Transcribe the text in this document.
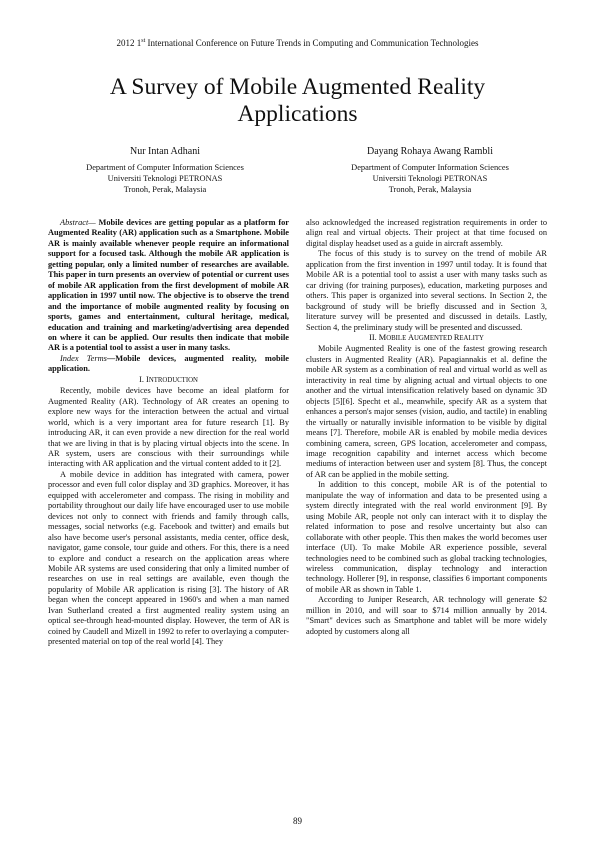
2012 1st International Conference on Future Trends in Computing and Communication Technologies
A Survey of Mobile Augmented Reality Applications
Nur Intan Adhani
Department of Computer Information Sciences
Universiti Teknologi PETRONAS
Tronoh, Perak, Malaysia
Dayang Rohaya Awang Rambli
Department of Computer Information Sciences
Universiti Teknologi PETRONAS
Tronoh, Perak, Malaysia

Abstract— Mobile devices are getting popular as a platform for Augmented Reality (AR) application such as a Smartphone. Mobile AR is mainly available whenever people require an informational support for a focused task. Although the mobile AR application is getting popular, only a limited number of researches are available. This paper in turn presents an overview of potential or current uses of mobile AR application from the first development of mobile AR application in 1997 until now. The objective is to observe the trend and the importance of mobile augmented reality by focusing on sports, games and entertainment, cultural heritage, medical, education and training and marketing/advertising area depended on where it can be applied. Our results then indicate that mobile AR is a potential tool to assist a user in many tasks.

Index Terms—Mobile devices, augmented reality, mobile application.

I. INTRODUCTION

Recently, mobile devices have become an ideal platform for Augmented Reality (AR). Technology of AR creates an opening to explore new ways for the interaction between the actual and virtual world, which is a very important area for future research [1]. By introducing AR, it can even provide a new direction for the real world that we are living in that is by placing virtual objects into the scene. In AR system, users are conscious with their surroundings while interacting with AR application and the virtual content added to it [2].

A mobile device in addition has integrated with camera, power processor and even full color display and 3D graphics. Moreover, it has equipped with accelerometer and compass. The rising in mobility and portability throughout our daily life have encouraged user to use mobile devices not only to connect with friends and family through calls, messages, social networks (e.g. Facebook and twitter) and emails but also have become user's personal assistants, media center, office desk, navigator, game console, tour guide and others. For this, there is a need to explore and conduct a research on the application areas where Mobile AR systems are used considering that only a limited number of researches on use in real settings are available, even though the popularity of Mobile AR application is rising [3]. The history of AR began when the concept appeared in 1960's and when a man named Ivan Sutherland created a first augmented reality system using an optical see-through head-mounted display. However, the term of AR is coined by Caudell and Mizell in 1992 to refer to overlaying a computer-presented material on top of the real world [4]. They

also acknowledged the increased registration requirements in order to align real and virtual objects. Their project at that time focused on digital display headset used as a guide in aircraft assembly.

The focus of this study is to survey on the trend of mobile AR application from the first invention in 1997 until today. It is found that Mobile AR is a potential tool to assist a user with many tasks such as car driving (for training purposes), education, marketing purposes and others. This paper is organized into several sections. In Section 2, the background of study will be briefly discussed and in Section 3, literature survey will be presented and discussed in details. Lastly, Section 4, the preliminary study will be presented and discussed.

II. MOBILE AUGMENTED REALITY

Mobile Augmented Reality is one of the fastest growing research clusters in Augmented Reality (AR). Papagiannakis et al. define the mobile AR system as a combination of real and virtual world as well as interactivity in real time by aligning actual and virtual objects to one another and the virtual intensification relatively based on dynamic 3D objects [5][6]. Specht et al., meanwhile, specify AR as a system that enhances a person's major senses (vision, audio, and tactile) in enabling the virtually or naturally invisible information to be visible by digital means [7]. Therefore, mobile AR is enabled by mobile media devices combining camera, screen, GPS location, accelerometer and compass, image recognition capability and internet access which become mediums of interaction between user and system [8]. Thus, the concept of AR can be applied in the mobile setting.

In addition to this concept, mobile AR is of the potential to manipulate the way of information and data to be presented using a system directly integrated with the real world environment [9]. By using Mobile AR, people not only can interact with it to display the related information to pose and resolve uncertainty but also can collaborate with other people. This then makes the world becomes user interface (UI). To make Mobile AR experience possible, several technologies need to be combined such as global tracking technologies, wireless communication, display technology and interaction technology. Hollerer [9], in response, classifies 6 important components of mobile AR as shown in Table 1.

According to Juniper Research, AR technology will generate $2 million in 2010, and will soar to $714 million annually by 2014. "Smart" devices such as Smartphone and tablet will be more widely adopted by customers along all

89
